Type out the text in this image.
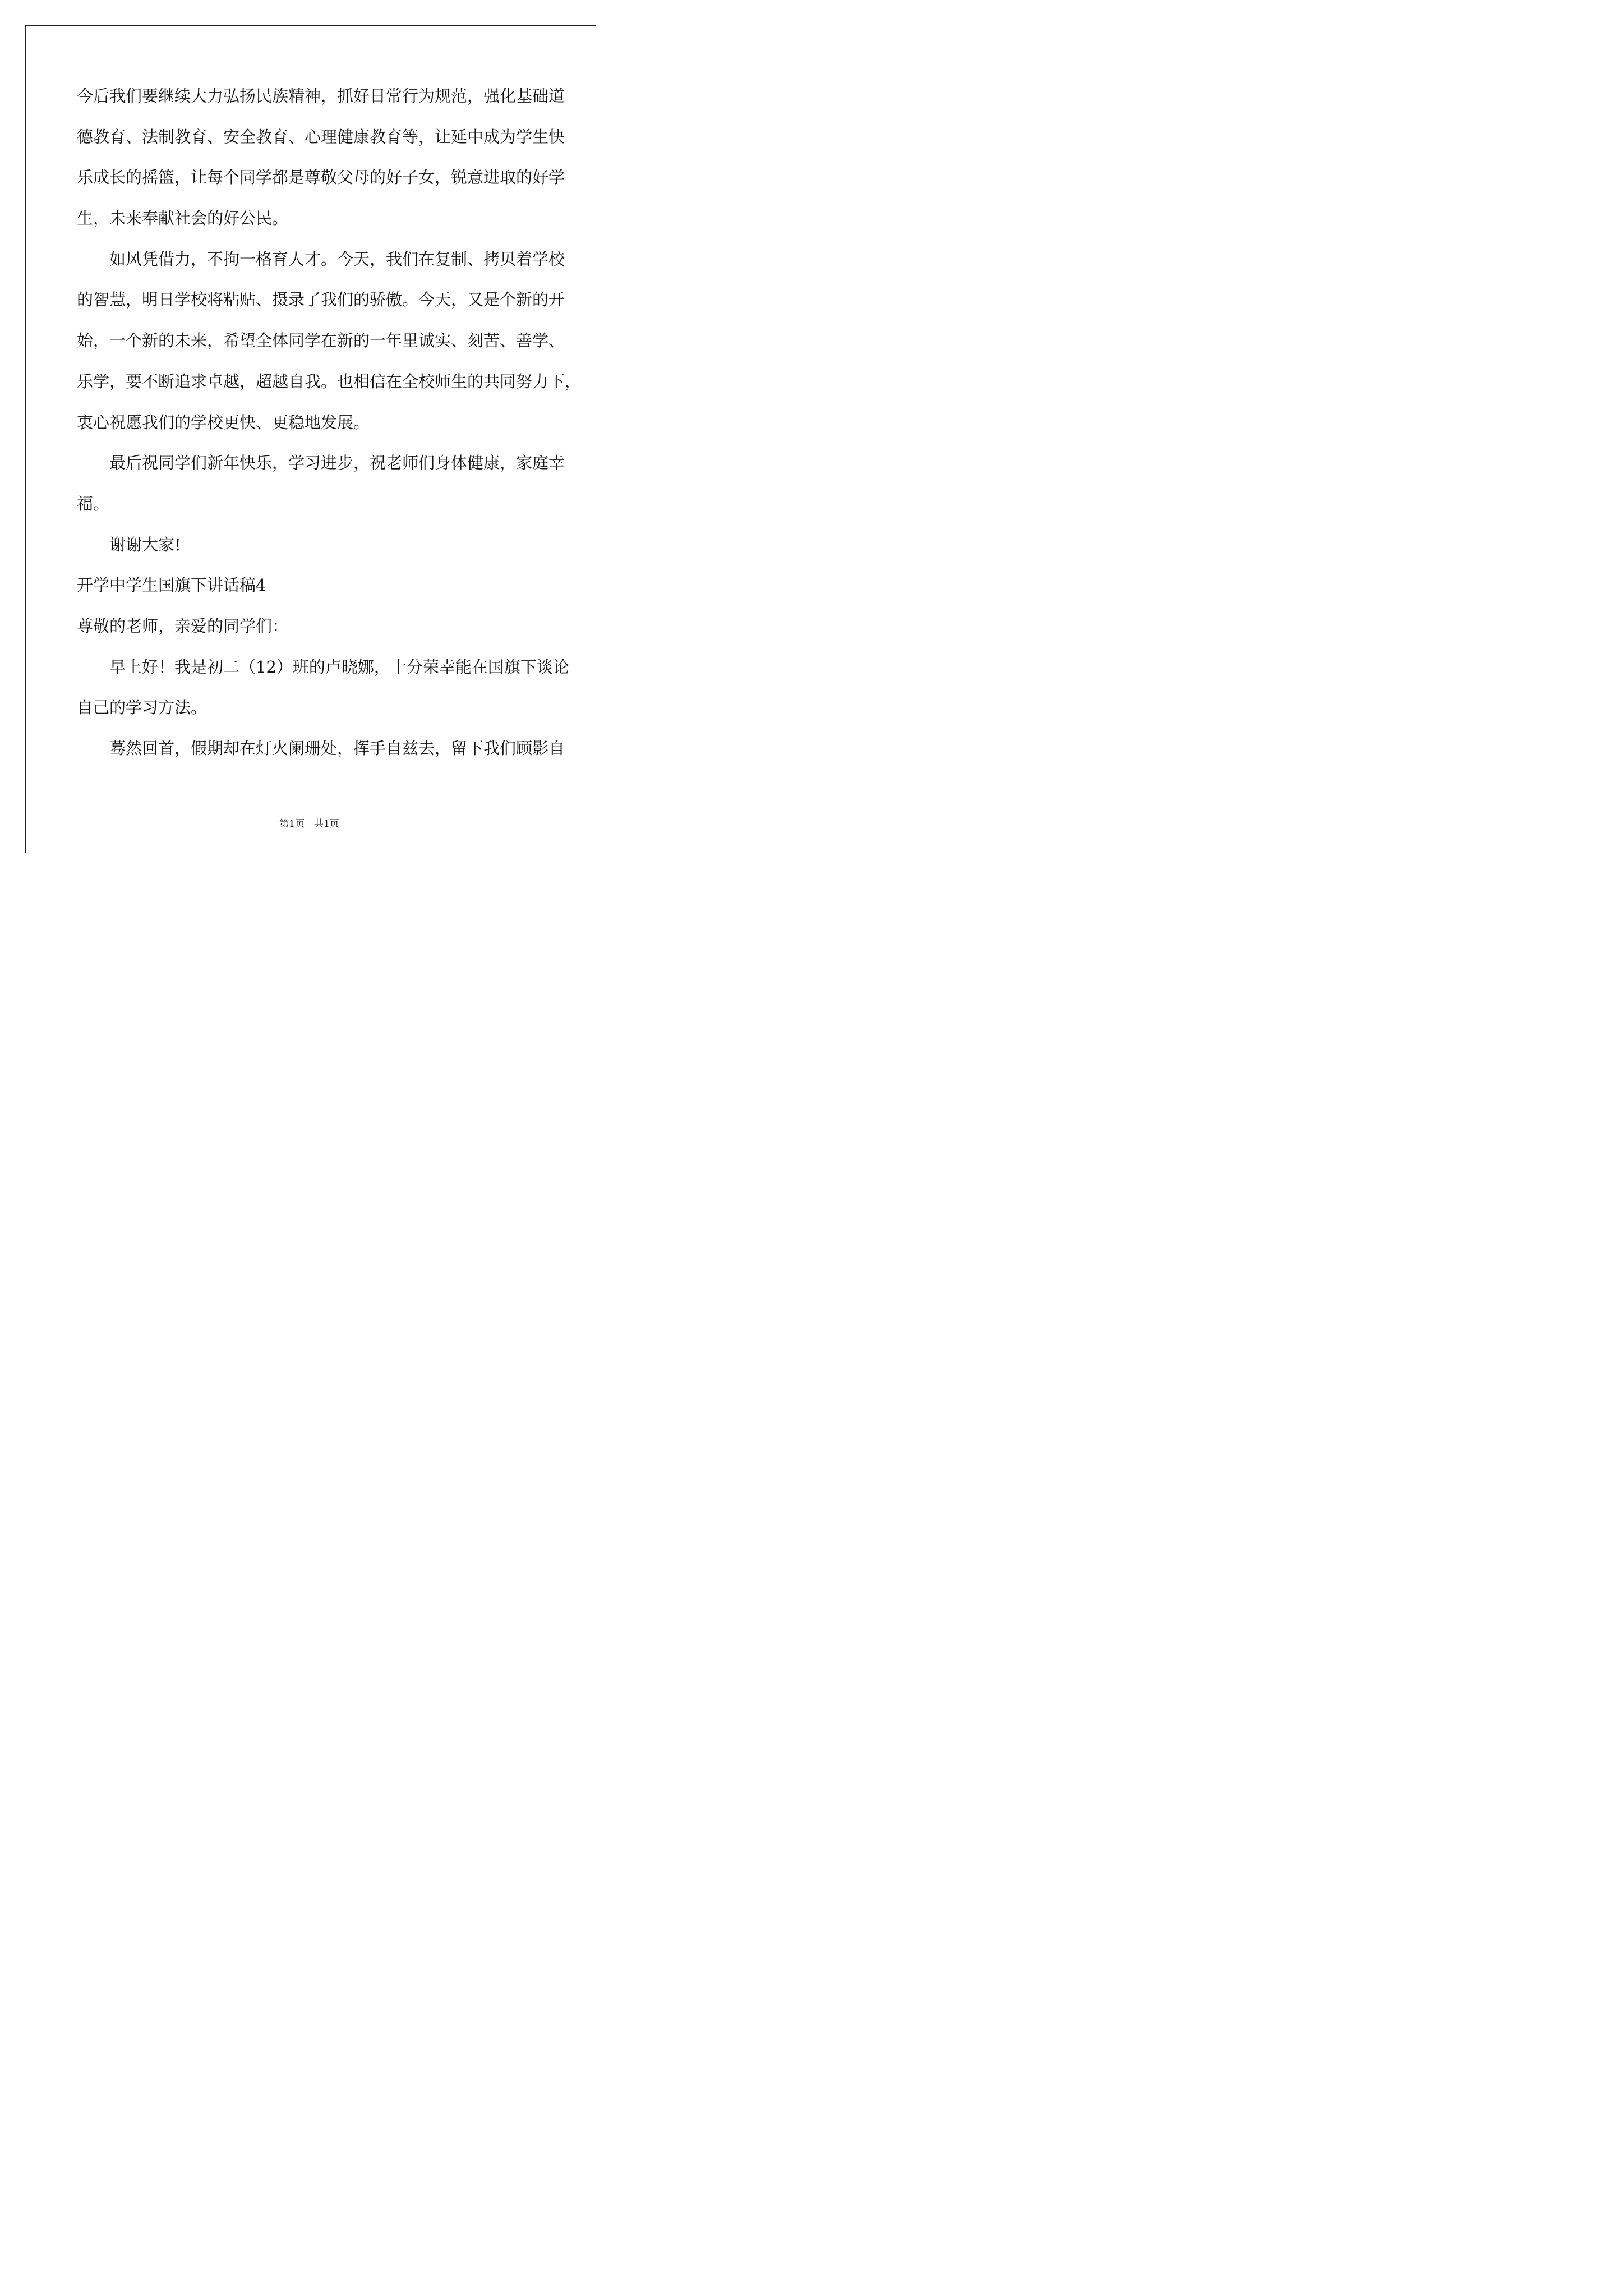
今后我们要继续大力弘扬民族精神，抓好日常行为规范，强化基础道
德教育、法制教育、安全教育、心理健康教育等，让延中成为学生快
乐成长的摇篮，让每个同学都是尊敬父母的好子女，锐意进取的好学
生，未来奉献社会的好公民。
　　如风凭借力，不拘一格育人才。今天，我们在复制、拷贝着学校
的智慧，明日学校将粘贴、摄录了我们的骄傲。今天，又是个新的开
始，一个新的未来，希望全体同学在新的一年里诚实、刻苦、善学、
乐学，要不断追求卓越，超越自我。也相信在全校师生的共同努力下，
衷心祝愿我们的学校更快、更稳地发展。
　　最后祝同学们新年快乐，学习进步，祝老师们身体健康，家庭幸
福。
　　谢谢大家!
开学中学生国旗下讲话稿4
尊敬的老师，亲爱的同学们：
　　早上好！我是初二（12）班的卢晓娜，十分荣幸能在国旗下谈论
自己的学习方法。
　　蓦然回首，假期却在灯火阑珊处，挥手自兹去，留下我们顾影自
第1页　共1页
